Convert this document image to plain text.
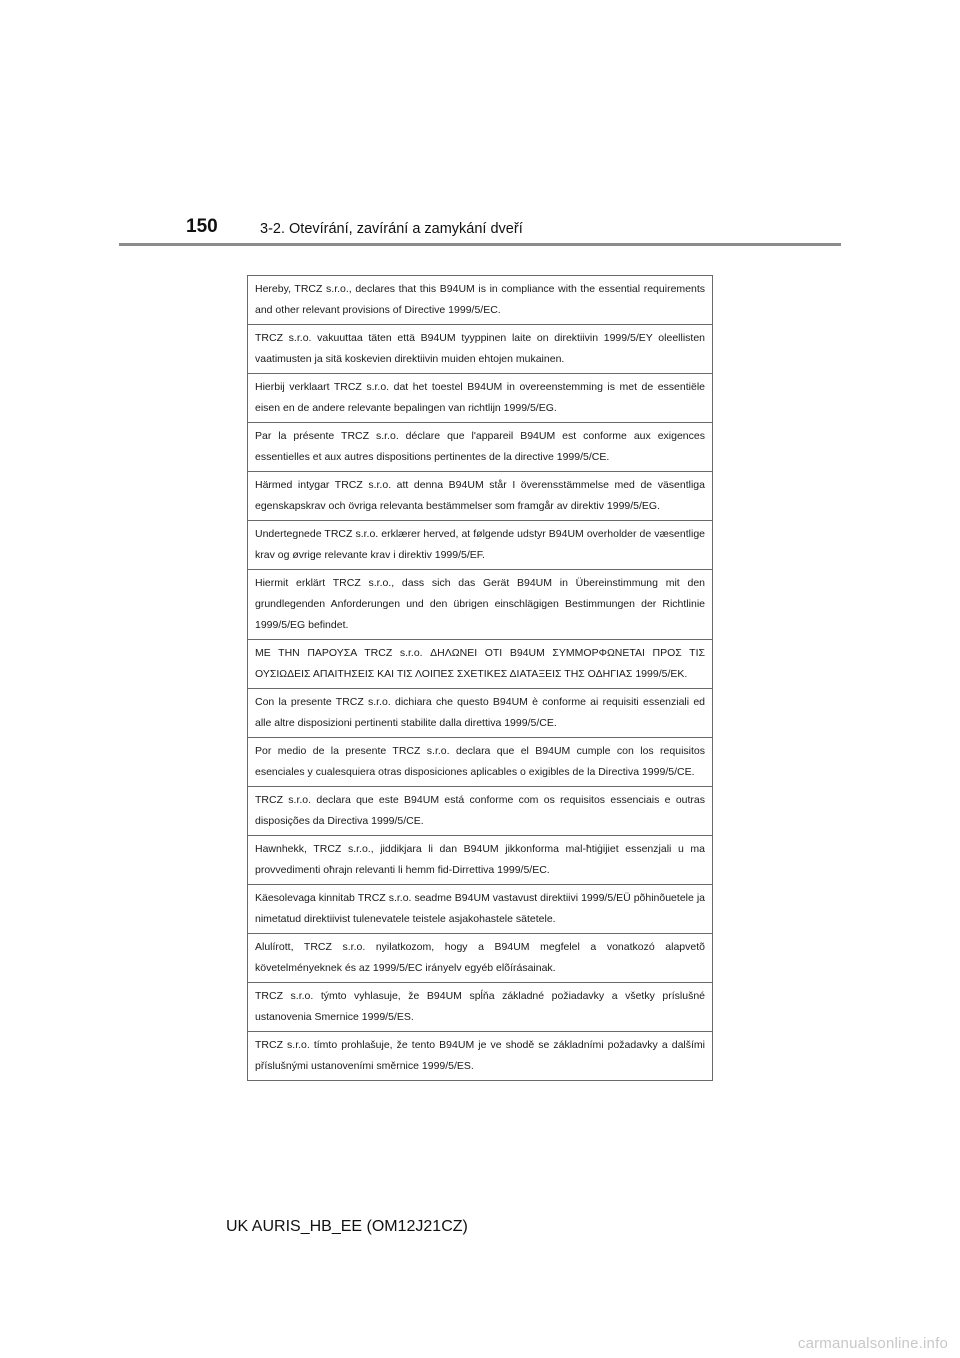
150	3-2. Otevírání, zavírání a zamykání dveří
Hereby, TRCZ s.r.o., declares that this B94UM is in compliance with the essential requirements and other relevant provisions of Directive 1999/5/EC.
TRCZ s.r.o. vakuuttaa täten että B94UM tyyppinen laite on direktiivin 1999/5/EY oleellisten vaatimusten ja sitä koskevien direktiivin muiden ehtojen mukainen.
Hierbij verklaart TRCZ s.r.o. dat het toestel B94UM in overeenstemming is met de essentiële eisen en de andere relevante bepalingen van richtlijn 1999/5/EG.
Par la présente TRCZ s.r.o. déclare que l'appareil B94UM est conforme aux exigences essentielles et aux autres dispositions pertinentes de la directive 1999/5/CE.
Härmed intygar TRCZ s.r.o. att denna B94UM står I överensstämmelse med de väsentliga egenskapskrav och övriga relevanta bestämmelser som framgår av direktiv 1999/5/EG.
Undertegnede TRCZ s.r.o. erklærer herved, at følgende udstyr B94UM overholder de væsentlige krav og øvrige relevante krav i direktiv 1999/5/EF.
Hiermit erklärt TRCZ s.r.o., dass sich das Gerät B94UM in Übereinstimmung mit den grundlegenden Anforderungen und den übrigen einschlägigen Bestimmungen der Richtlinie 1999/5/EG befindet.
ΜΕ ΤΗΝ ΠΑΡΟΥΣΑ TRCZ s.r.o. ΔΗΛΩΝΕΙ ΟΤΙ B94UM ΣΥΜΜΟΡΦΩΝΕΤΑΙ ΠΡΟΣ ΤΙΣ ΟΥΣΙΩΔΕΙΣ ΑΠΑΙΤΗΣΕΙΣ ΚΑΙ ΤΙΣ ΛΟΙΠΕΣ ΣΧΕΤΙΚΕΣ ΔΙΑΤΑΞΕΙΣ ΤΗΣ ΟΔΗΓΙΑΣ 1999/5/ΕΚ.
Con la presente TRCZ s.r.o. dichiara che questo B94UM è conforme ai requisiti essenziali ed alle altre disposizioni pertinenti stabilite dalla direttiva 1999/5/CE.
Por medio de la presente TRCZ s.r.o. declara que el B94UM cumple con los requisitos esenciales y cualesquiera otras disposiciones aplicables o exigibles de la Directiva 1999/5/CE.
TRCZ s.r.o. declara que este B94UM está conforme com os requisitos essenciais e outras disposições da Directiva 1999/5/CE.
Hawnhekk, TRCZ s.r.o., jiddikjara li dan B94UM jikkonforma mal-ħtiġijiet essenzjali u ma provvedimenti oħrajn relevanti li hemm fid-Dirrettiva 1999/5/EC.
Käesolevaga kinnitab TRCZ s.r.o. seadme B94UM vastavust direktiivi 1999/5/EÜ põhinõuetele ja nimetatud direktiivist tulenevatele teistele asjakohastele sätetele.
Alulírott, TRCZ s.r.o. nyilatkozom, hogy a B94UM megfelel a vonatkozó alapvetõ követelményeknek és az 1999/5/EC irányelv egyéb elõírásainak.
TRCZ s.r.o. týmto vyhlasuje, že B94UM spĺňa základné požiadavky a všetky príslušné ustanovenia Smernice 1999/5/ES.
TRCZ s.r.o. tímto prohlašuje, že tento B94UM je ve shodě se základními požadavky a dalšími příslušnými ustanoveními směrnice 1999/5/ES.
UK AURIS_HB_EE (OM12J21CZ)
carmanualsonline.info
